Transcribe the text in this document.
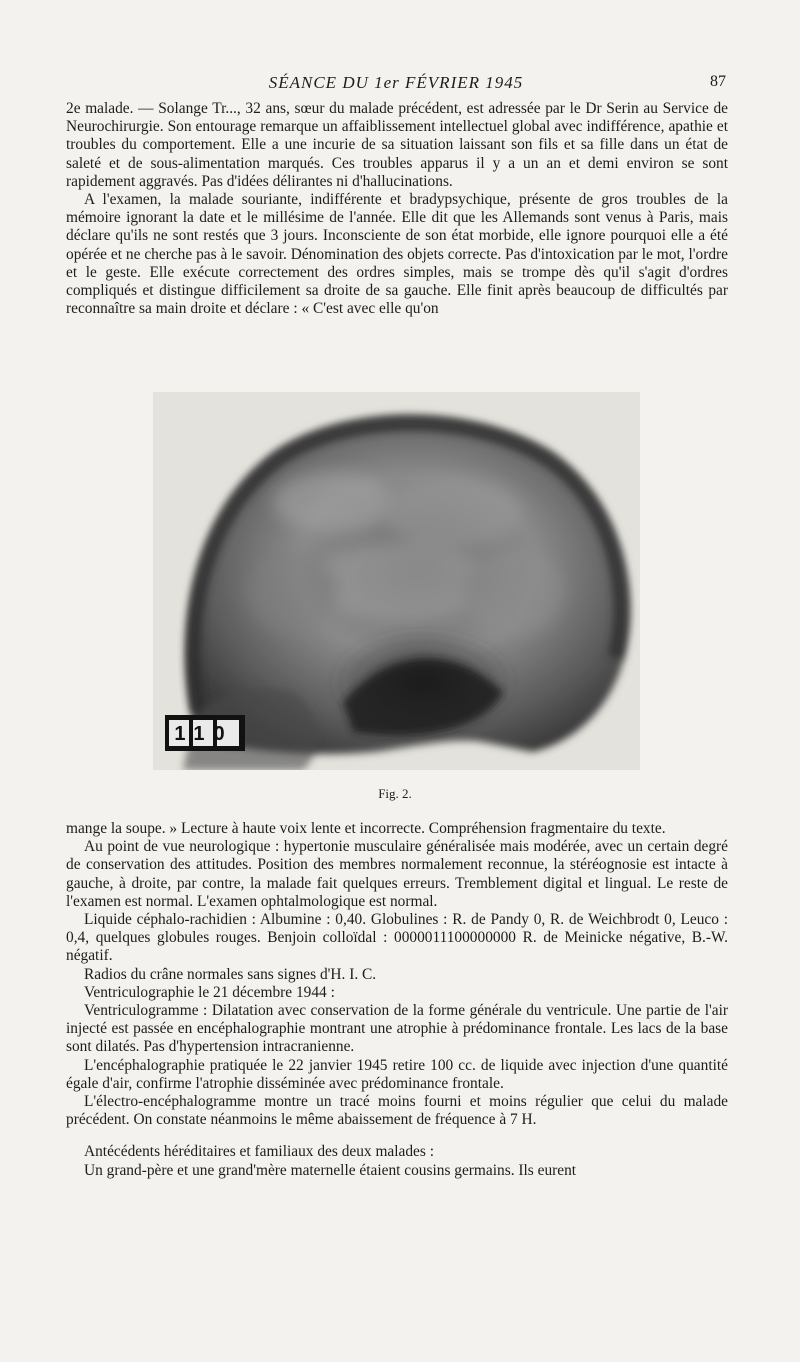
SÉANCE DU 1er FÉVRIER 1945	87

2e malade. — Solange Tr..., 32 ans, sœur du malade précédent, est adressée par le Dr Serin au Service de Neurochirurgie. Son entourage remarque un affaiblissement intellectuel global avec indifférence, apathie et troubles du comportement. Elle a une incurie de sa situation laissant son fils et sa fille dans un état de saleté et de sous-alimentation marqués. Ces troubles apparus il y a un an et demi environ se sont rapidement aggravés. Pas d'idées délirantes ni d'hallucinations.

A l'examen, la malade souriante, indifférente et bradypsychique, présente de gros troubles de la mémoire ignorant la date et le millésime de l'année. Elle dit que les Allemands sont venus à Paris, mais déclare qu'ils ne sont restés que 3 jours. Inconsciente de son état morbide, elle ignore pourquoi elle a été opérée et ne cherche pas à le savoir. Dénomination des objets correcte. Pas d'intoxication par le mot, l'ordre et le geste. Elle exécute correctement des ordres simples, mais se trompe dès qu'il s'agit d'ordres compliqués et distingue difficilement sa droite de sa gauche. Elle finit après beaucoup de difficultés par reconnaître sa main droite et déclare : « C'est avec elle qu'on

110
Fig. 2.

mange la soupe. » Lecture à haute voix lente et incorrecte. Compréhension fragmentaire du texte.

Au point de vue neurologique : hypertonie musculaire généralisée mais modérée, avec un certain degré de conservation des attitudes. Position des membres normalement reconnue, la stéréognosie est intacte à gauche, à droite, par contre, la malade fait quelques erreurs. Tremblement digital et lingual. Le reste de l'examen est normal. L'examen ophtalmologique est normal.

Liquide céphalo-rachidien : Albumine : 0,40. Globulines : R. de Pandy 0, R. de Weichbrodt 0, Leuco : 0,4, quelques globules rouges. Benjoin colloïdal : 0000011100000000 R. de Meinicke négative, B.-W. négatif.

Radios du crâne normales sans signes d'H. I. C.

Ventriculographie le 21 décembre 1944 :

Ventriculogramme : Dilatation avec conservation de la forme générale du ventricule. Une partie de l'air injecté est passée en encéphalographie montrant une atrophie à prédominance frontale. Les lacs de la base sont dilatés. Pas d'hypertension intracranienne.

L'encéphalographie pratiquée le 22 janvier 1945 retire 100 cc. de liquide avec injection d'une quantité égale d'air, confirme l'atrophie disséminée avec prédominance frontale.

L'électro-encéphalogramme montre un tracé moins fourni et moins régulier que celui du malade précédent. On constate néanmoins le même abaissement de fréquence à 7 H.

Antécédents héréditaires et familiaux des deux malades :

Un grand-père et une grand'mère maternelle étaient cousins germains. Ils eurent
